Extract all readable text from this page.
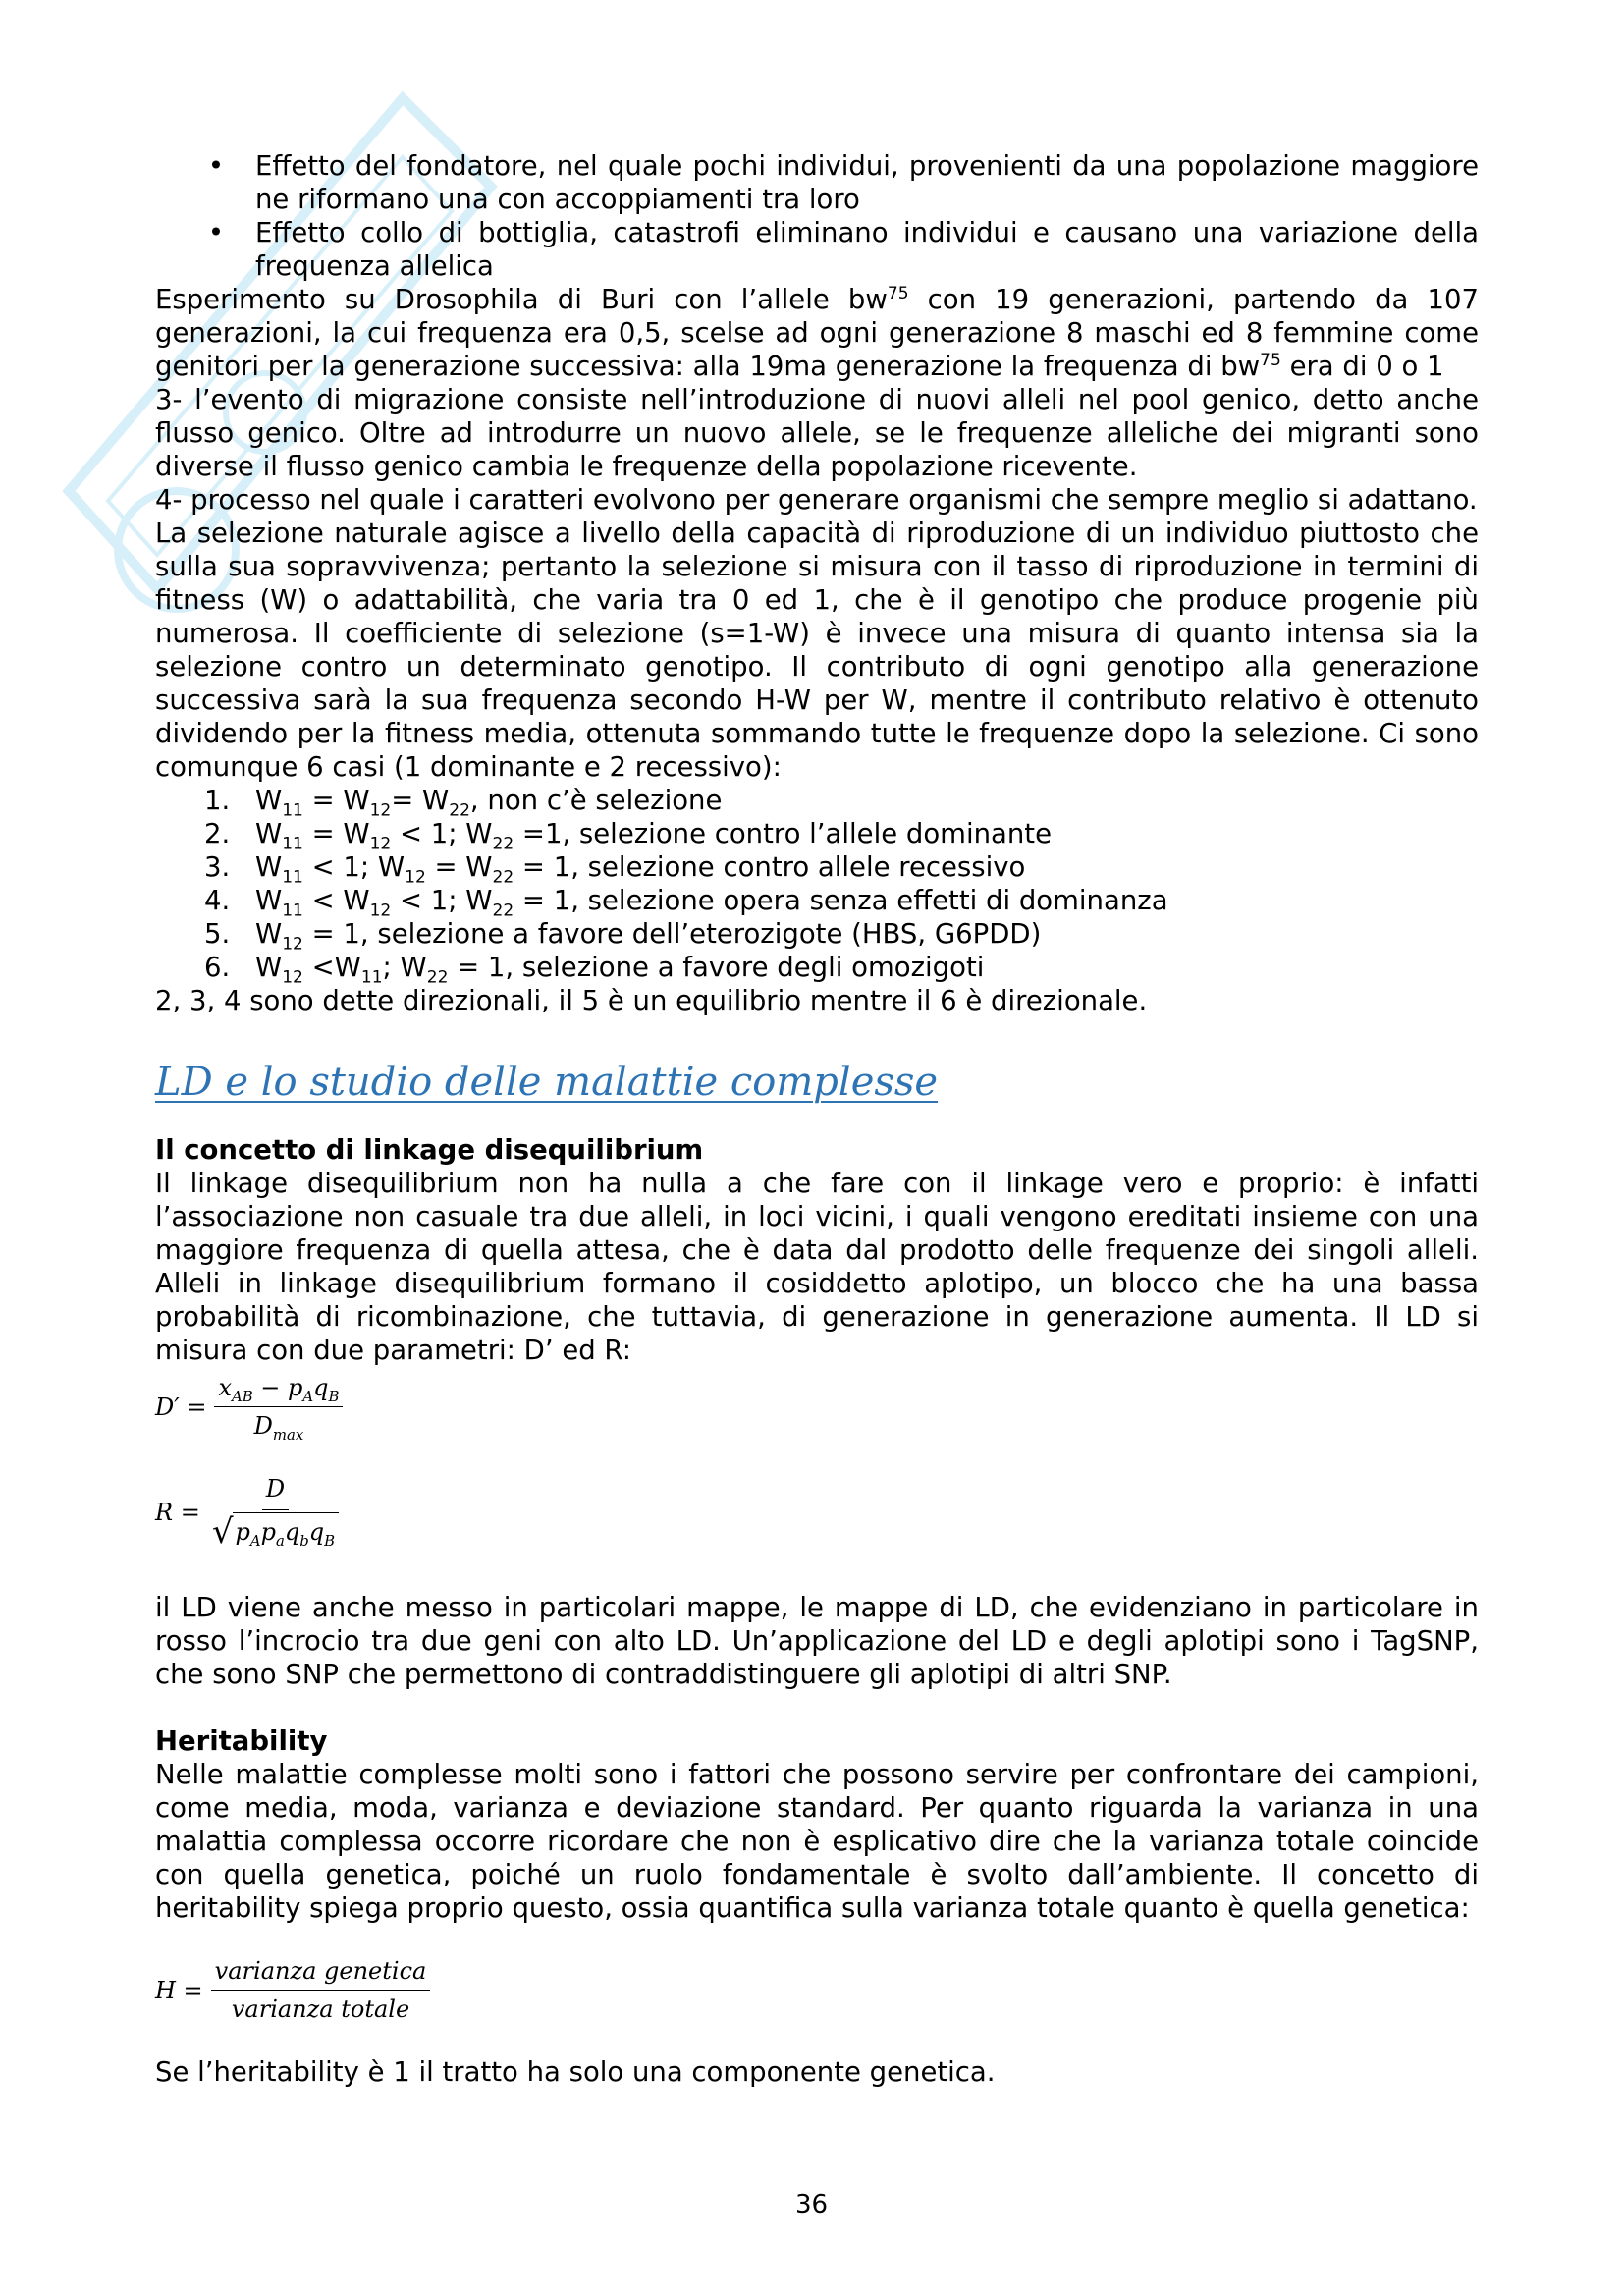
• Effetto del fondatore, nel quale pochi individui, provenienti da una popolazione maggiore ne riformano una con accoppiamenti tra loro
• Effetto collo di bottiglia, catastrofi eliminano individui e causano una variazione della frequenza allelica

Esperimento su Drosophila di Buri con l’allele $bw^{75}$ con 19 generazioni, partendo da 107 generazioni, la cui frequenza era 0,5, scelse ad ogni generazione 8 maschi ed 8 femmine come genitori per la generazione successiva: alla 19ma generazione la frequenza di $bw^{75}$ era di 0 o 1

3- l’evento di migrazione consiste nell’introduzione di nuovi alleli nel pool genico, detto anche flusso genico. Oltre ad introdurre un nuovo allele, se le frequenze alleliche dei migranti sono diverse il flusso genico cambia le frequenze della popolazione ricevente.

4- processo nel quale i caratteri evolvono per generare organismi che sempre meglio si adattano.

La selezione naturale agisce a livello della capacità di riproduzione di un individuo piuttosto che sulla sua sopravvivenza; pertanto la selezione si misura con il tasso di riproduzione in termini di fitness (W) o adattabilità, che varia tra 0 ed 1, che è il genotipo che produce progenie più numerosa. Il coefficiente di selezione (s=1-W) è invece una misura di quanto intensa sia la selezione contro un determinato genotipo. Il contributo di ogni genotipo alla generazione successiva sarà la sua frequenza secondo H-W per W, mentre il contributo relativo è ottenuto dividendo per la fitness media, ottenuta sommando tutte le frequenze dopo la selezione. Ci sono comunque 6 casi (1 dominante e 2 recessivo):

1. $W_{11} = W_{12}= W_{22}$, non c’è selezione
2. $W_{11} = W_{12} < 1$; $W_{22} =1$, selezione contro l’allele dominante
3. $W_{11} < 1$; $W_{12} = W_{22} = 1$, selezione contro allele recessivo
4. $W_{11} < W_{12} < 1$; $W_{22} = 1$, selezione opera senza effetti di dominanza
5. $W_{12} = 1$, selezione a favore dell’eterozigote (HBS, G6PDD)
6. $W_{12} <W_{11}$; $W_{22} = 1$, selezione a favore degli omozigoti

2, 3, 4 sono dette direzionali, il 5 è un equilibrio mentre il 6 è direzionale.

LD e lo studio delle malattie complesse
Il concetto di linkage disequilibrium

Il linkage disequilibrium non ha nulla a che fare con il linkage vero e proprio: è infatti l’associazione non casuale tra due alleli, in loci vicini, i quali vengono ereditati insieme con una maggiore frequenza di quella attesa, che è data dal prodotto delle frequenze dei singoli alleli. Alleli in linkage disequilibrium formano il cosiddetto aplotipo, un blocco che ha una bassa probabilità di ricombinazione, che tuttavia, di generazione in generazione aumenta. Il LD si misura con due parametri: D’ ed R:

$D' = \frac{x_{AB} - p_Aq_B}{D_{max}}$
$R = \frac{D}{√ p_Ap_aq_bq_B}$

il LD viene anche messo in particolari mappe, le mappe di LD, che evidenziano in particolare in rosso l’incrocio tra due geni con alto LD. Un’applicazione del LD e degli aplotipi sono i TagSNP, che sono SNP che permettono di contraddistinguere gli aplotipi di altri SNP.

Heritability

Nelle malattie complesse molti sono i fattori che possono servire per confrontare dei campioni, come media, moda, varianza e deviazione standard. Per quanto riguarda la varianza in una malattia complessa occorre ricordare che non è esplicativo dire che la varianza totale coincide con quella genetica, poiché un ruolo fondamentale è svolto dall’ambiente. Il concetto di heritability spiega proprio questo, ossia quantifica sulla varianza totale quanto è quella genetica:

$H = \frac{\text{varianza genetica}}{\text{varianza totale}}$

Se l’heritability è 1 il tratto ha solo una componente genetica.

36
